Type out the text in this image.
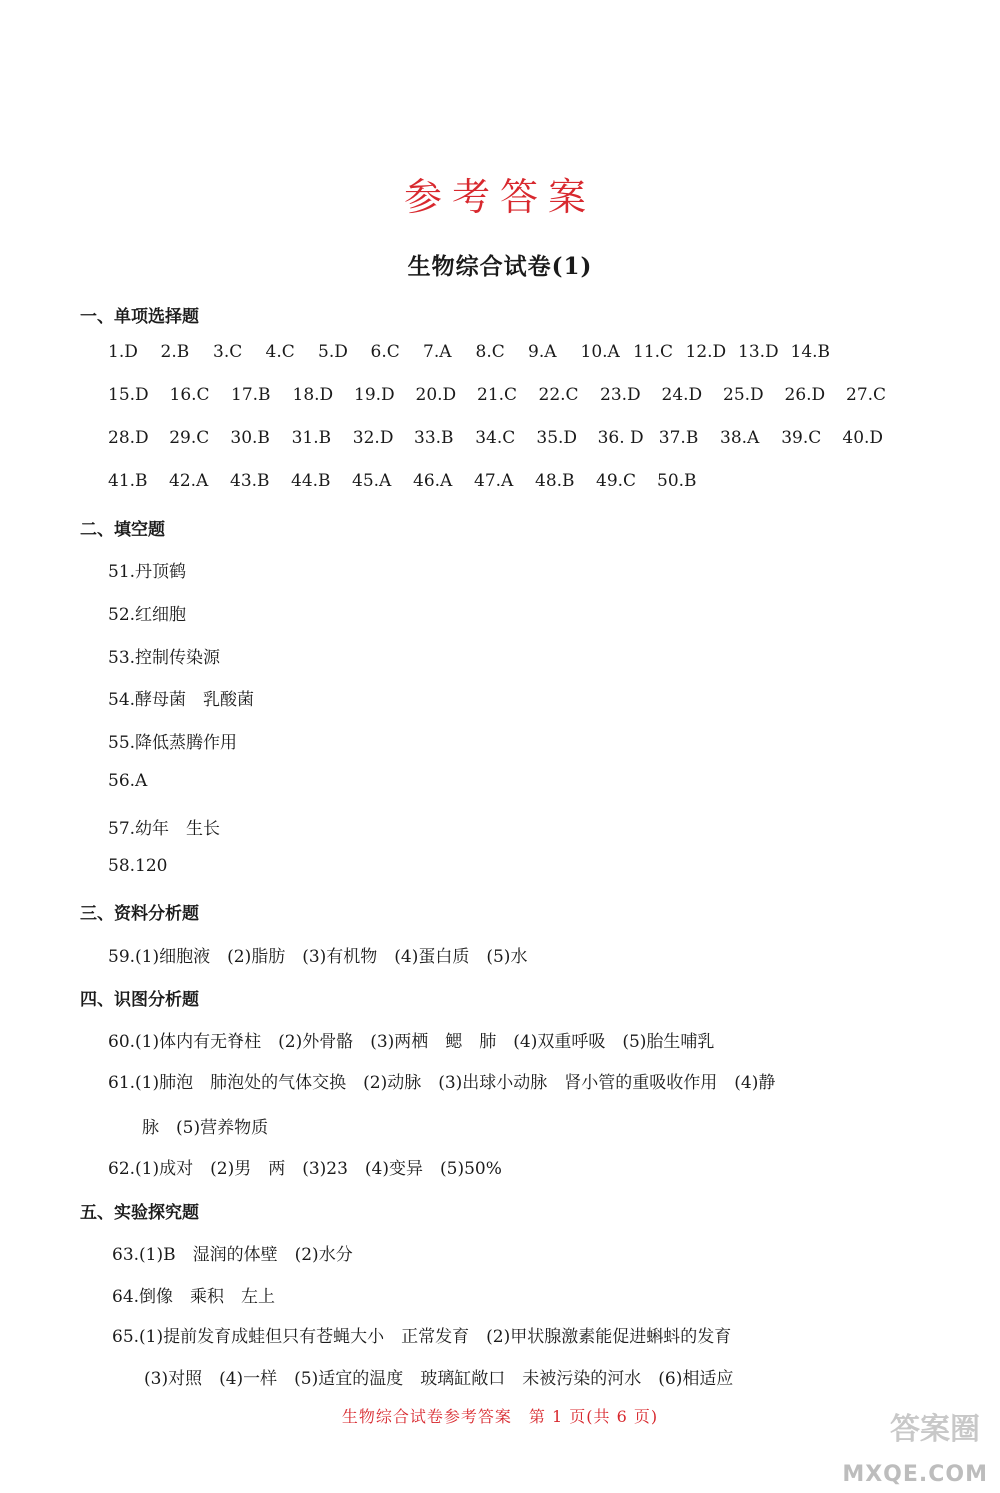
参考答案
生物综合试卷(1)
一、单项选择题
1.D 2.B 3.C 4.C 5.D 6.C 7.A 8.C 9.A 10.A 11.C 12.D 13.D 14.B
15.D 16.C 17.B 18.D 19.D 20.D 21.C 22.C 23.D 24.D 25.D 26.D 27.C
28.D 29.C 30.B 31.B 32.D 33.B 34.C 35.D 36. D 37.B 38.A 39.C 40.D
41.B 42.A 43.B 44.B 45.A 46.A 47.A 48.B 49.C 50.B
二、填空题
51.丹顶鹤
52.红细胞
53.控制传染源
54.酵母菌　乳酸菌
55.降低蒸腾作用
56.A
57.幼年　生长
58.120
三、资料分析题
59.(1)细胞液　(2)脂肪　(3)有机物　(4)蛋白质　(5)水
四、识图分析题
60.(1)体内有无脊柱　(2)外骨骼　(3)两栖　鳃　肺　(4)双重呼吸　(5)胎生哺乳
61.(1)肺泡　肺泡处的气体交换　(2)动脉　(3)出球小动脉　肾小管的重吸收作用　(4)静
脉　(5)营养物质
62.(1)成对　(2)男　两　(3)23　(4)变异　(5)50%
五、实验探究题
63.(1)B　湿润的体壁　(2)水分
64.倒像　乘积　左上
65.(1)提前发育成蛙但只有苍蝇大小　正常发育　(2)甲状腺激素能促进蝌蚪的发育
(3)对照　(4)一样　(5)适宜的温度　玻璃缸敞口　未被污染的河水　(6)相适应
生物综合试卷参考答案　第 1 页(共 6 页)	答案圈
MXQE.COM
